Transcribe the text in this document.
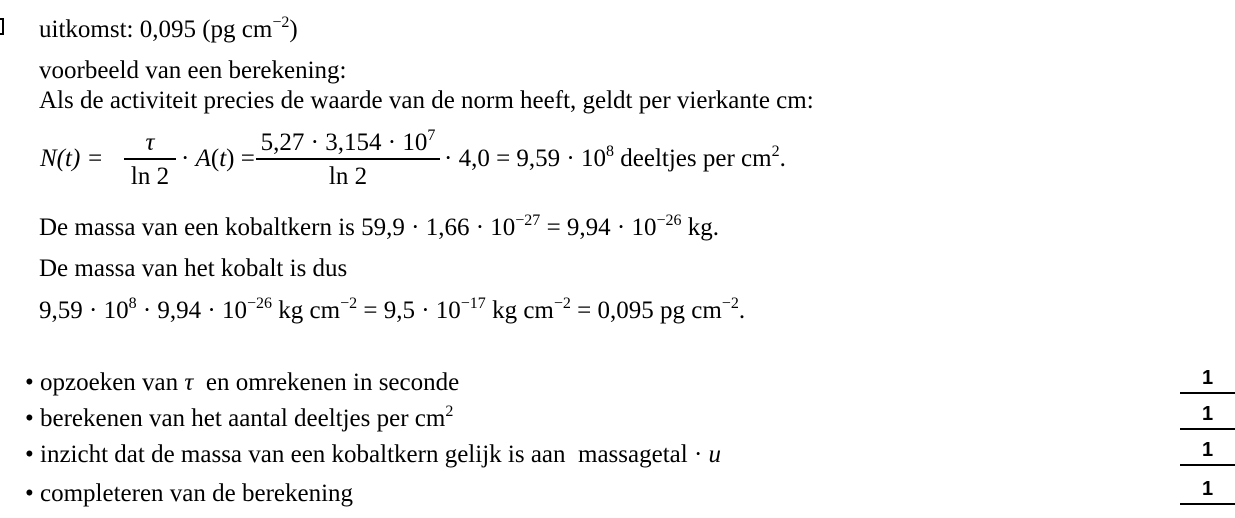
uitkomst: 0,095 (pg $cm^{-2}$)
voorbeeld van een berekening:
Als de activiteit precies de waarde van de norm heeft, geldt per vierkante cm:
N(t) =
τ
ln 2
· A(t) =
$5,27 \cdot 3,154 \cdot 10^7$
ln 2
· $4,0 = 9,59 \cdot 10^8$ deeltjes per $cm^2$.
De massa van een kobaltkern is $59,9 \cdot 1,66 \cdot 10^{-27} = 9,94 \cdot 10^{-26}$ kg.
De massa van het kobalt is dus
$9,59 \cdot 10^8 \cdot 9,94 \cdot 10^{-26}$ kg $cm^{-2} = 9,5 \cdot 10^{-17}$ kg $cm^{-2} = 0,095$ pg $cm^{-2}$.
• opzoeken van τ en omrekenen in seconde	1
• berekenen van het aantal deeltjes per $cm^2$	1
• inzicht dat de massa van een kobaltkern gelijk is aan massagetal · u	1
• completeren van de berekening	1
